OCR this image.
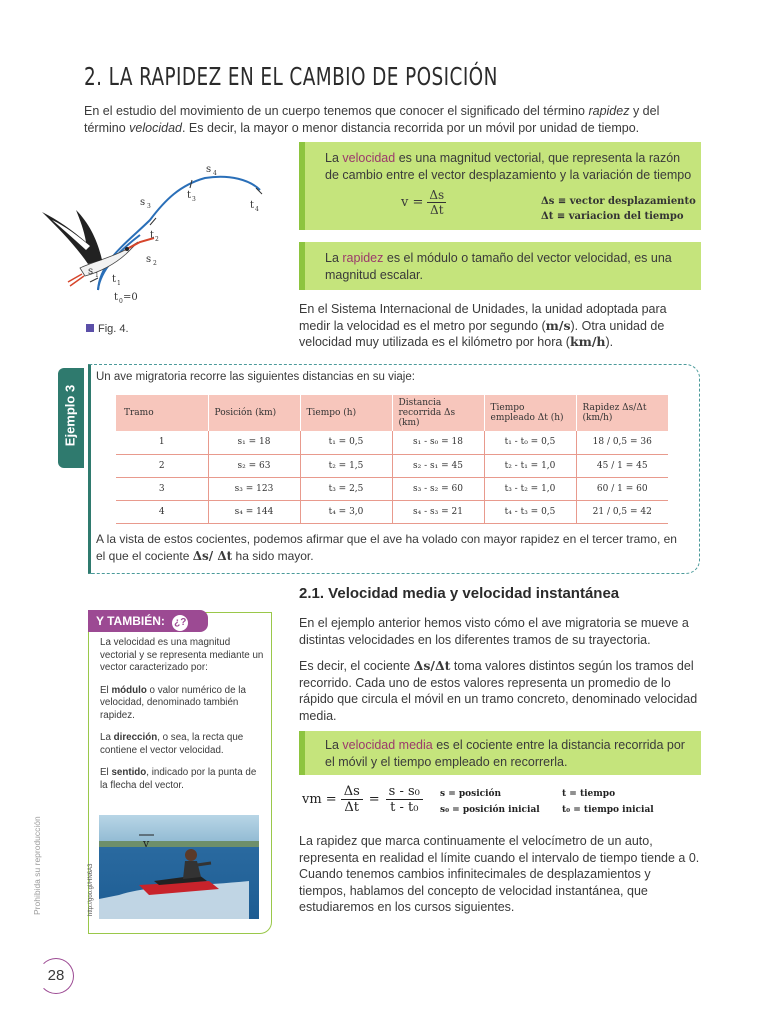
2. LA RAPIDEZ EN EL CAMBIO DE POSICIÓN
En el estudio del movimiento de un cuerpo tenemos que conocer el significado del término rapidez y del término velocidad. Es decir, la mayor o menor distancia recorrida por un móvil por unidad de tiempo.
s 4
s 3
t 3
t 4
t 2
s 2
s 1 t 1
t 0 =0
Fig. 4.
La velocidad es una magnitud vectorial, que representa la razón de cambio entre el vector desplazamiento y la variación de tiempo
$v = \frac{\Delta s}{\Delta t}$	Δs ≡ vector desplazamiento
Δt ≡ variacion del tiempo
La rapidez es el módulo o tamaño del vector velocidad, es una magnitud escalar.
En el Sistema Internacional de Unidades, la unidad adoptada para medir la velocidad es el metro por segundo (m/s). Otra unidad de velocidad muy utilizada es el kilómetro por hora (km/h).
Ejemplo 3
Un ave migratoria recorre las siguientes distancias en su viaje:
Tramo	Posición (km)	Tiempo (h)	Distancia recorrida Δs (km)	Tiempo empleado Δt (h)	Rapidez Δs/Δt (km/h)
1	s₁ = 18	t₁ = 0,5	s₁ - s₀ = 18	t₁ - t₀ = 0,5	18 / 0,5 = 36
2	s₂ = 63	t₂ = 1,5	s₂ - s₁ = 45	t₂ - t₁ = 1,0	45 / 1 = 45
3	s₃ = 123	t₃ = 2,5	s₃ - s₂ = 60	t₃ - t₂ = 1,0	60 / 1 = 60
4	s₄ = 144	t₄ = 3,0	s₄ - s₃ = 21	t₄ - t₃ = 0,5	21 / 0,5 = 42
A la vista de estos cocientes, podemos afirmar que el ave ha volado con mayor rapidez en el tercer tramo, en el que el cociente Δs/ Δt ha sido mayor.
2.1. Velocidad media y velocidad instantánea
Y TAMBIÉN: ¿?

La velocidad es una magnitud vectorial y se representa mediante un vector caracterizado por:

El módulo o valor numérico de la velocidad, denominado también rapidez.

La dirección, o sea, la recta que contiene el vector velocidad.

El sentido, indicado por la punta de la flecha del vector.

v
http://goo.gl/HN6A3
En el ejemplo anterior hemos visto cómo el ave migratoria se mueve a distintas velocidades en los diferentes tramos de su trayectoria.
Es decir, el cociente Δs/Δt toma valores distintos según los tramos del recorrido. Cada uno de estos valores representa un promedio de lo rápido que circula el móvil en un tramo concreto, denominado velocidad media.
La velocidad media es el cociente entre la distancia recorrida por el móvil y el tiempo empleado en recorrerla.
vm = $\frac{\Delta s}{\Delta t} = \frac{\text{s - s₀}}{\text{t - t₀}}$ s = posición
s₀ = posición inicial
t = tiempo
t₀ = tiempo inicial
La rapidez que marca continuamente el velocímetro de un auto, representa en realidad el límite cuando el intervalo de tiempo tiende a 0. Cuando tenemos cambios infinitecimales de desplazamientos y tiempos, hablamos del concepto de velocidad instantánea, que estudiaremos en los cursos siguientes.
Prohibida su reproducción
28
